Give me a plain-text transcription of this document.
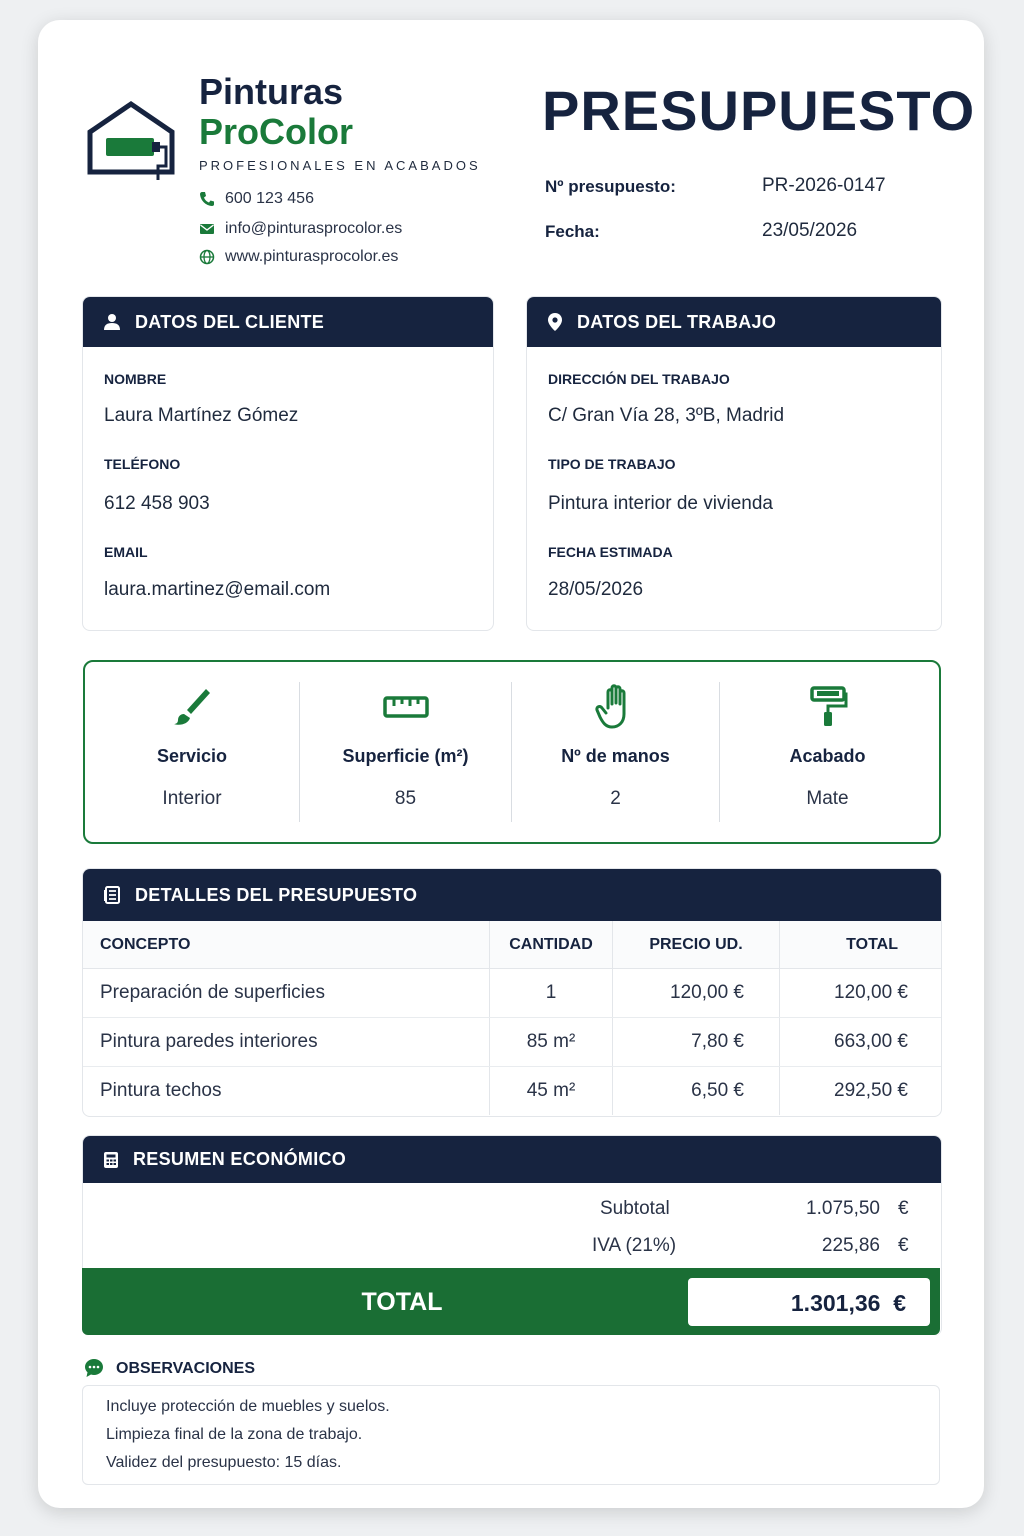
Pinturas
ProColor
PROFESIONALES EN ACABADOS
600 123 456
info@pinturasprocolor.es
www.pinturasprocolor.es
PRESUPUESTO
Nº presupuesto:	PR-2026-0147
Fecha:	23/05/2026
DATOS DEL CLIENTE
NOMBRE
Laura Martínez Gómez
TELÉFONO
612 458 903
EMAIL
laura.martinez@email.com
DATOS DEL TRABAJO
DIRECCIÓN DEL TRABAJO
C/ Gran Vía 28, 3ºB, Madrid
TIPO DE TRABAJO
Pintura interior de vivienda
FECHA ESTIMADA
28/05/2026
Servicio
Interior
Superficie (m²)
85
Nº de manos
2
Acabado
Mate
DETALLES DEL PRESUPUESTO
CONCEPTO	CANTIDAD	PRECIO UD.	TOTAL
Preparación de superficies	1	120,00 €	120,00 €
Pintura paredes interiores	85 m²	7,80 €	663,00 €
Pintura techos	45 m²	6,50 €	292,50 €
RESUMEN ECONÓMICO
Subtotal	1.075,50 €
IVA (21%)	225,86 €
TOTAL	1.301,36  €
OBSERVACIONES
Incluye protección de muebles y suelos.
Limpieza final de la zona de trabajo.
Validez del presupuesto: 15 días.
